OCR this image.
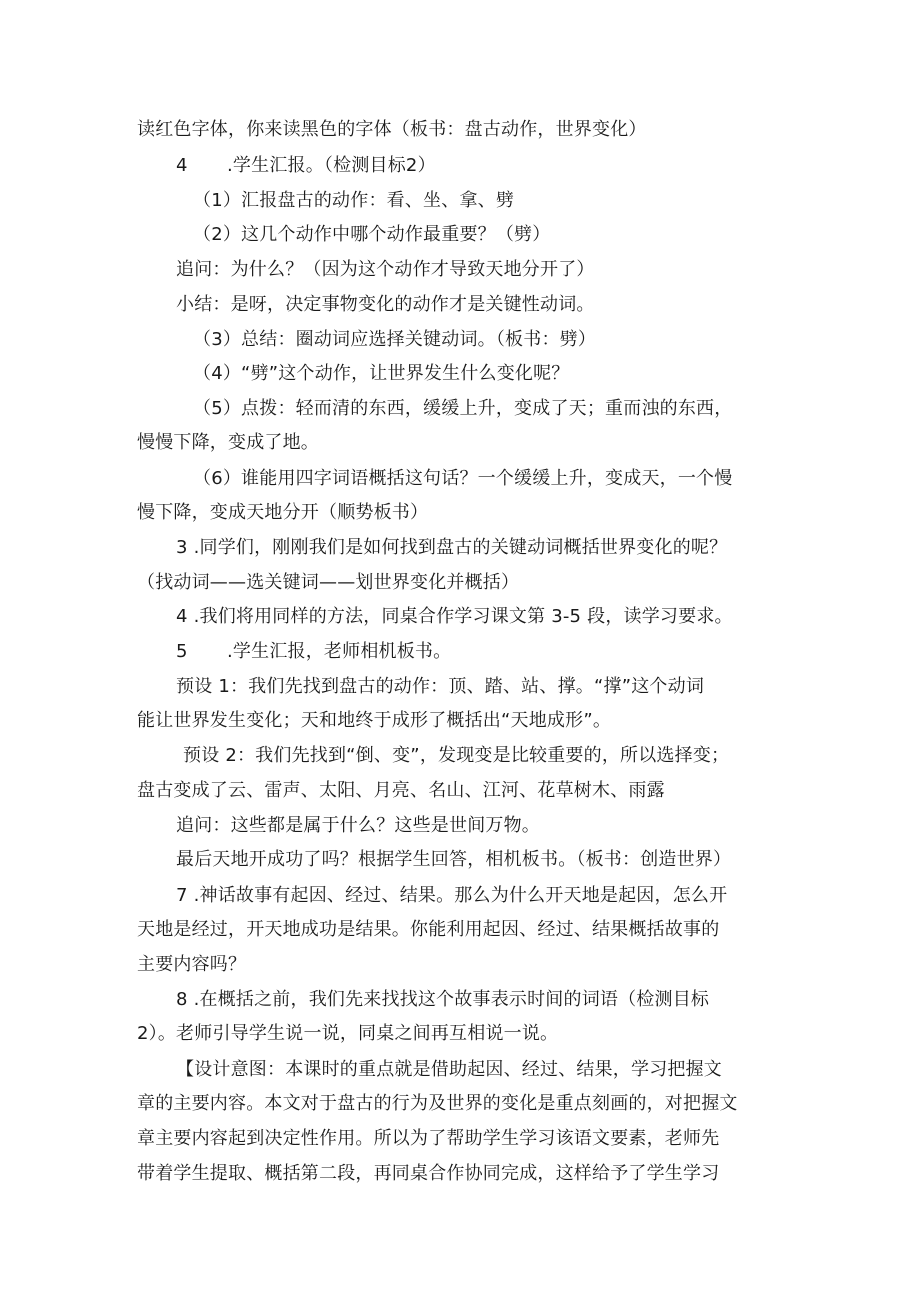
读红色字体，你来读黑色的字体（板书：盘古动作，世界变化）
4 .学生汇报。（检测目标2）
（1）汇报盘古的动作：看、坐、拿、劈
（2）这几个动作中哪个动作最重要？（劈）
追问：为什么？（因为这个动作才导致天地分开了）
小结：是呀，决定事物变化的动作才是关键性动词。
（3）总结：圈动词应选择关键动词。（板书：劈）
（4）“劈”这个动作，让世界发生什么变化呢？
（5）点拨：轻而清的东西，缓缓上升，变成了天；重而浊的东西，
慢慢下降，变成了地。
（6）谁能用四字词语概括这句话？一个缓缓上升，变成天，一个慢
慢下降，变成天地分开（顺势板书）
3 .同学们，刚刚我们是如何找到盘古的关键动词概括世界变化的呢？
（找动词——选关键词——划世界变化并概括）
4 .我们将用同样的方法，同桌合作学习课文第 3-5 段，读学习要求。
5 .学生汇报，老师相机板书。
预设 1：我们先找到盘古的动作：顶、踏、站、撑。“撑”这个动词
能让世界发生变化；天和地终于成形了概括出“天地成形”。
预设 2：我们先找到“倒、变”，发现变是比较重要的，所以选择变；
盘古变成了云、雷声、太阳、月亮、名山、江河、花草树木、雨露
追问：这些都是属于什么？这些是世间万物。
最后天地开成功了吗？根据学生回答，相机板书。（板书：创造世界）
7 .神话故事有起因、经过、结果。那么为什么开天地是起因，怎么开
天地是经过，开天地成功是结果。你能利用起因、经过、结果概括故事的
主要内容吗？
8 .在概括之前，我们先来找找这个故事表示时间的词语（检测目标
2）。老师引导学生说一说，同桌之间再互相说一说。
【设计意图：本课时的重点就是借助起因、经过、结果，学习把握文
章的主要内容。本文对于盘古的行为及世界的变化是重点刻画的，对把握文
章主要内容起到决定性作用。所以为了帮助学生学习该语文要素，老师先
带着学生提取、概括第二段，再同桌合作协同完成，这样给予了学生学习
